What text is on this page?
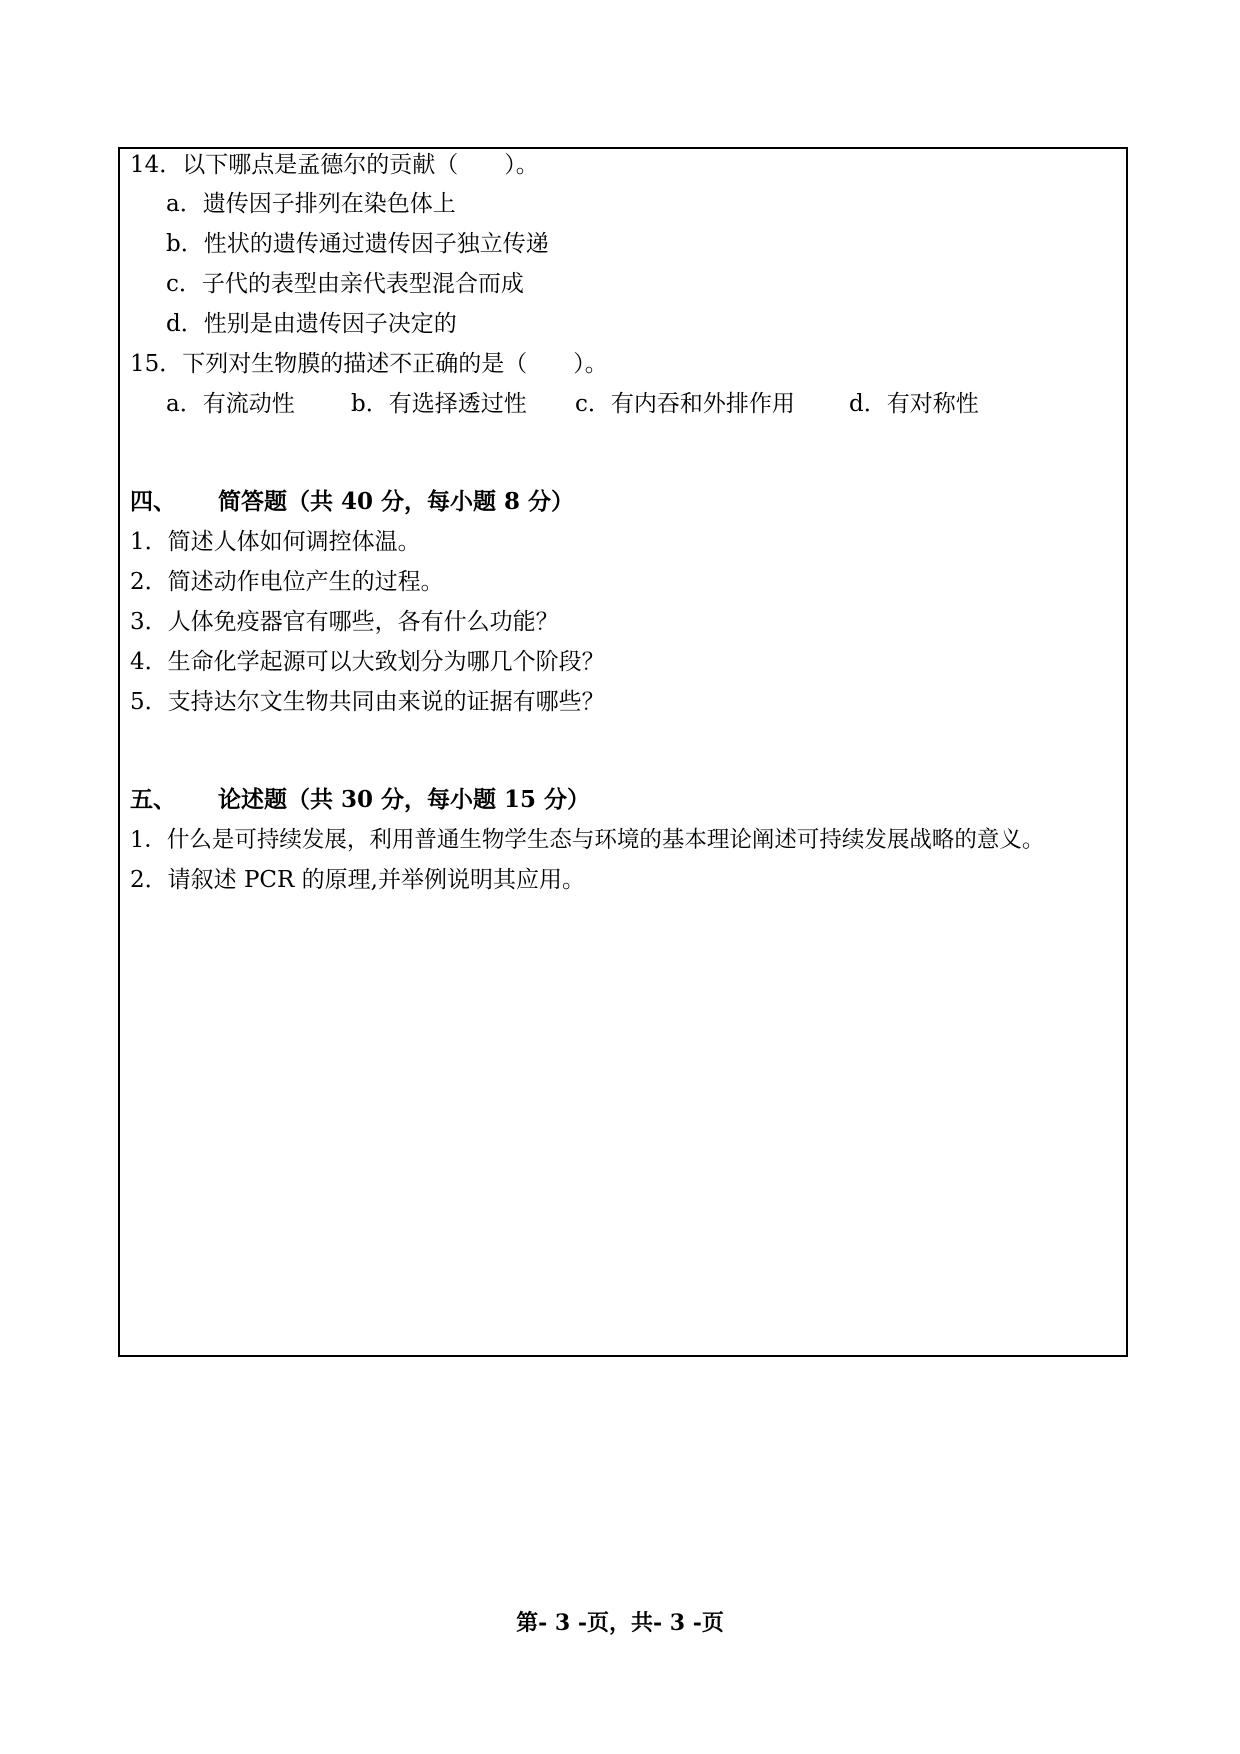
14．以下哪点是孟德尔的贡献（　　）。
a．遗传因子排列在染色体上
b．性状的遗传通过遗传因子独立传递
c．子代的表型由亲代表型混合而成
d．性别是由遗传因子决定的
15．下列对生物膜的描述不正确的是（　　）。
a．有流动性 b．有选择透过性 c．有内吞和外排作用 d．有对称性
四、 简答题（共 40 分，每小题 8 分）
1．简述人体如何调控体温。
2．简述动作电位产生的过程。
3．人体免疫器官有哪些，各有什么功能？
4．生命化学起源可以大致划分为哪几个阶段？
5．支持达尔文生物共同由来说的证据有哪些？
五、 论述题（共 30 分，每小题 15 分）
1．什么是可持续发展，利用普通生物学生态与环境的基本理论阐述可持续发展战略的意义。
2．请叙述 PCR 的原理,并举例说明其应用。
第- 3 -页，共- 3 -页
